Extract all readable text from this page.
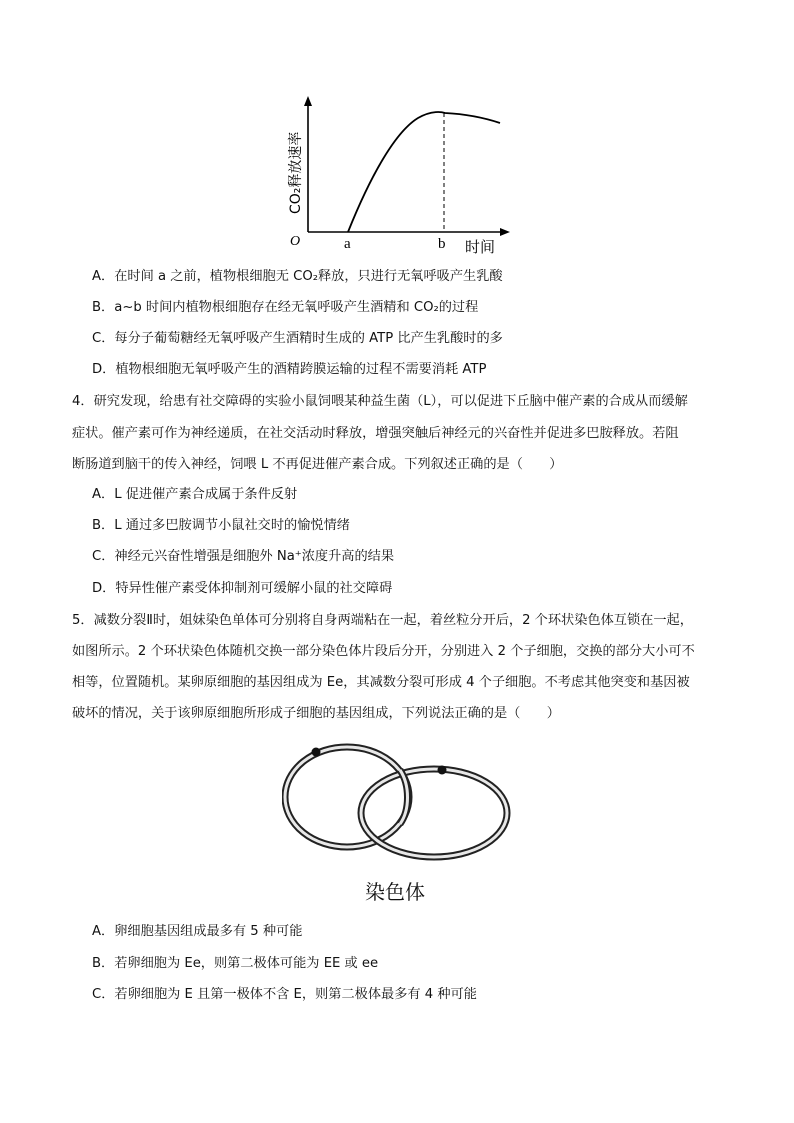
O	a	b 时间
CO₂释放速率
A．在时间 a 之前，植物根细胞无 CO₂释放，只进行无氧呼吸产生乳酸
B．a~b 时间内植物根细胞存在经无氧呼吸产生酒精和 CO₂的过程
C．每分子葡萄糖经无氧呼吸产生酒精时生成的 ATP 比产生乳酸时的多
D．植物根细胞无氧呼吸产生的酒精跨膜运输的过程不需要消耗 ATP
4．研究发现，给患有社交障碍的实验小鼠饲喂某种益生菌（L），可以促进下丘脑中催产素的合成从而缓解
症状。催产素可作为神经递质，在社交活动时释放，增强突触后神经元的兴奋性并促进多巴胺释放。若阻
断肠道到脑干的传入神经，饲喂 L 不再促进催产素合成。下列叙述正确的是（　　）
A．L 促进催产素合成属于条件反射
B．L 通过多巴胺调节小鼠社交时的愉悦情绪
C．神经元兴奋性增强是细胞外 Na⁺浓度升高的结果
D．特异性催产素受体抑制剂可缓解小鼠的社交障碍
5．减数分裂Ⅱ时，姐妹染色单体可分别将自身两端粘在一起，着丝粒分开后，2 个环状染色体互锁在一起，
如图所示。2 个环状染色体随机交换一部分染色体片段后分开，分别进入 2 个子细胞，交换的部分大小可不
相等，位置随机。某卵原细胞的基因组成为 Ee，其减数分裂可形成 4 个子细胞。不考虑其他突变和基因被
破坏的情况，关于该卵原细胞所形成子细胞的基因组成，下列说法正确的是（　　）
染色体
A．卵细胞基因组成最多有 5 种可能
B．若卵细胞为 Ee，则第二极体可能为 EE 或 ee
C．若卵细胞为 E 且第一极体不含 E，则第二极体最多有 4 种可能
